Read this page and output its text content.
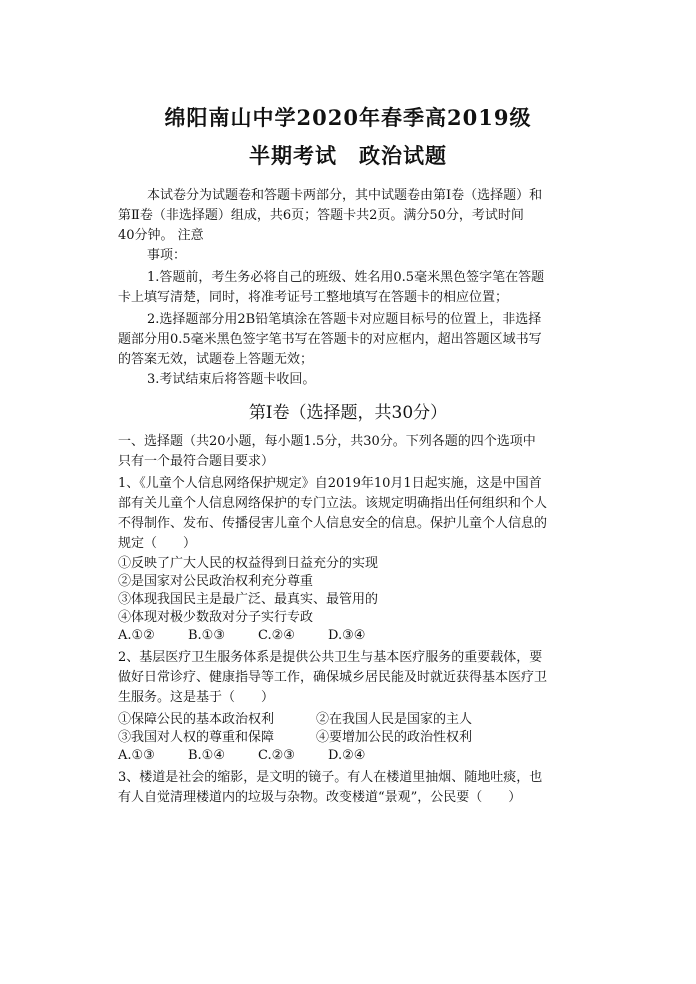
绵阳南山中学2020年春季高2019级
半期考试　政治试题
本试卷分为试题卷和答题卡两部分，其中试题卷由第Ⅰ卷（选择题）和
第Ⅱ卷（非选择题）组成，共6页；答题卡共2页。满分50分，考试时间
40分钟。 注意
事项：
1.答题前，考生务必将自己的班级、姓名用0.5毫米黑色签字笔在答题
卡上填写清楚，同时，将准考证号工整地填写在答题卡的相应位置；
2.选择题部分用2B铅笔填涂在答题卡对应题目标号的位置上，非选择
题部分用0.5毫米黑色签字笔书写在答题卡的对应框内，超出答题区域书写
的答案无效，试题卷上答题无效；
3.考试结束后将答题卡收回。
第Ⅰ卷（选择题，共30分）
一、选择题（共20小题，每小题1.5分，共30分。下列各题的四个选项中
只有一个最符合题目要求）
1、《儿童个人信息网络保护规定》自2019年10月1日起实施，这是中国首
部有关儿童个人信息网络保护的专门立法。该规定明确指出任何组织和个人
不得制作、发布、传播侵害儿童个人信息安全的信息。保护儿童个人信息的
规定（　　）
①反映了广大人民的权益得到日益充分的实现
②是国家对公民政治权利充分尊重
③体现我国民主是最广泛、最真实、最管用的
④体现对极少数敌对分子实行专政
A.①②	B.①③	C.②④	D.③④
2、基层医疗卫生服务体系是提供公共卫生与基本医疗服务的重要载体，要
做好日常诊疗、健康指导等工作，确保城乡居民能及时就近获得基本医疗卫
生服务。这是基于（　　）
①保障公民的基本政治权利	②在我国人民是国家的主人
③我国对人权的尊重和保障	④要增加公民的政治性权利
A.①③	B.①④	C.②③	D.②④
3、楼道是社会的缩影，是文明的镜子。有人在楼道里抽烟、随地吐痰，也
有人自觉清理楼道内的垃圾与杂物。改变楼道“景观”，公民要（　　）
